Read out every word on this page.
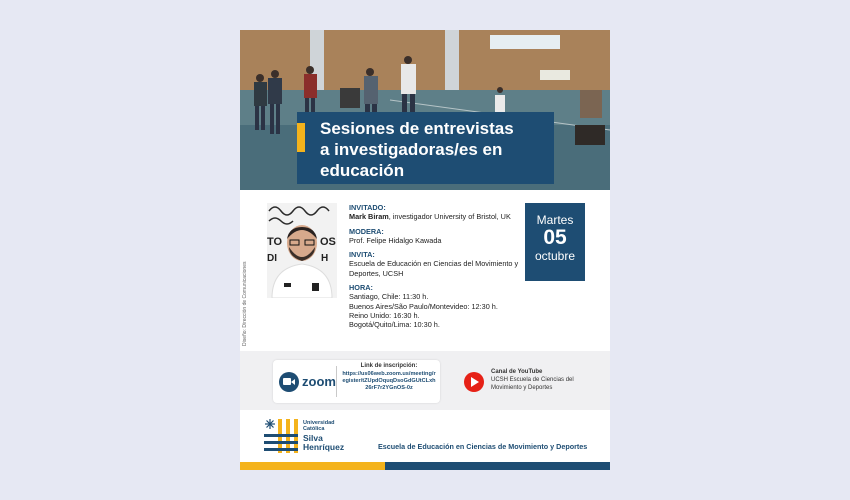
Sesiones de entrevistas
a investigadoras/es en
educación
Diseño: Dirección de Comunicaciones
TO	OS
DI	H
INVITADO:
Mark Biram, investigador University of Bristol, UK
MODERA:
Prof. Felipe Hidalgo Kawada
INVITA:
Escuela de Educación en Ciencias del Movimiento y Deportes, UCSH
HORA:
Santiago, Chile: 11:30 h.
Buenos Aires/São Paulo/Montevideo: 12:30 h.
Reino Unido: 16:30 h.
Bogotá/Quito/Lima: 10:30 h.
Martes
05
octubre
zoom
Link de inscripción:
https://us06web.zoom.us/meeting/register/tZUpdOquqDsoGdGUtCLxh26rF7r2YGnOS-0z
Canal de YouTube
UCSH Escuela de Ciencias del Movimiento y Deportes
Universidad
Católica
Silva
Henríquez	Escuela de Educación en Ciencias de Movimiento y Deportes
